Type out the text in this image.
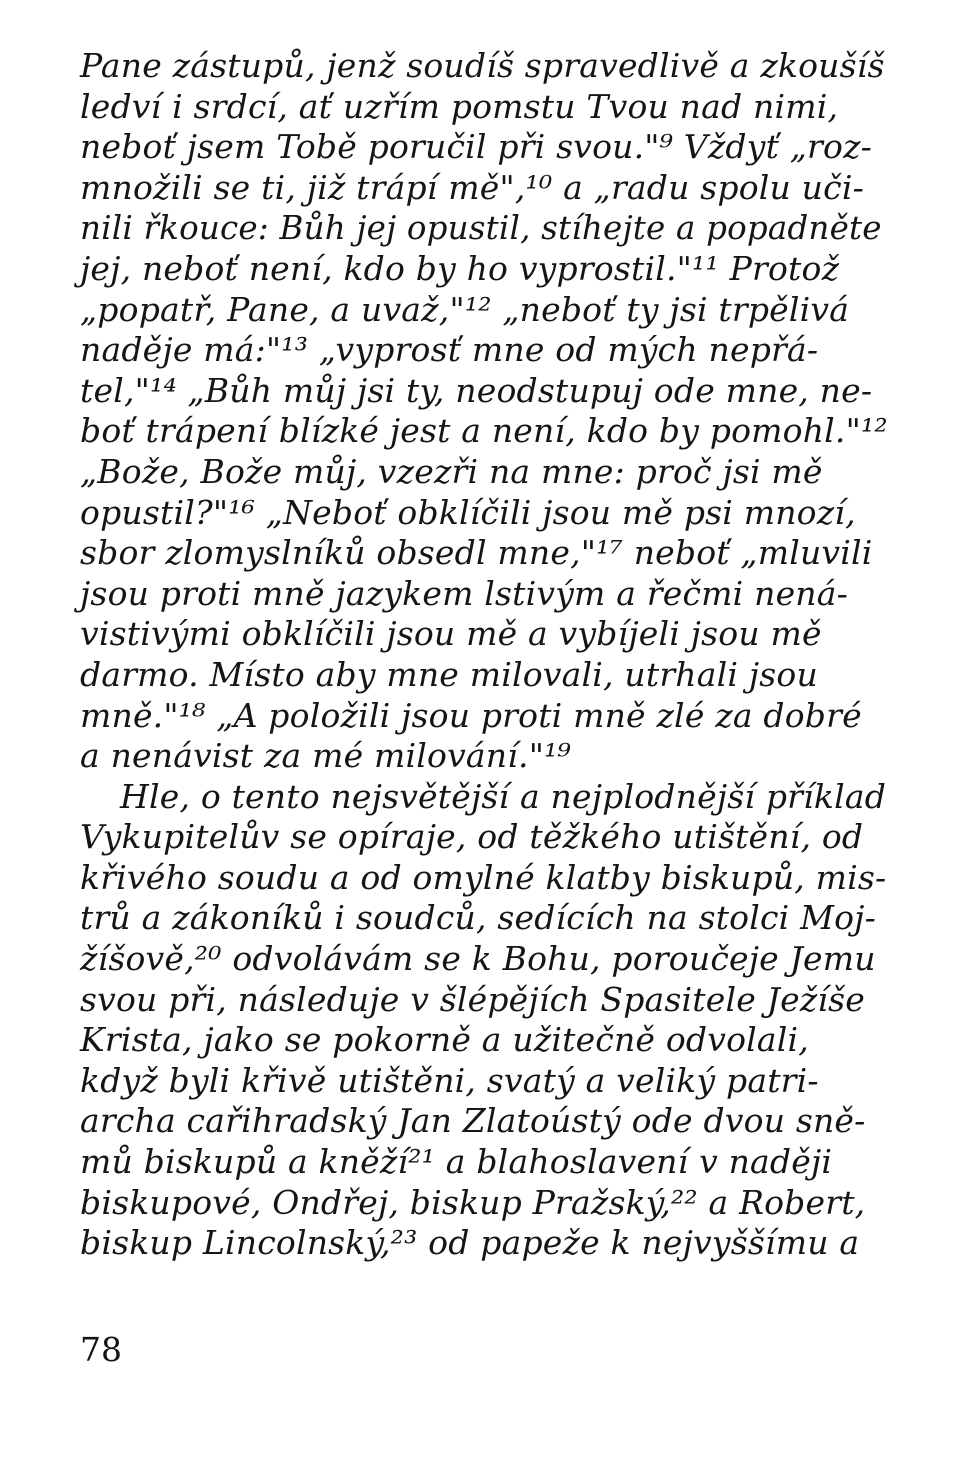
Pane zástupů, jenž soudíš spravedlivě a zkoušíš
ledví i srdcí, ať uzřím pomstu Tvou nad nimi,
neboť jsem Tobě poručil při svou."⁹ Vždyť „roz-
množili se ti, již trápí mě",¹⁰ a „radu spolu uči-
nili řkouce: Bůh jej opustil, stíhejte a popadněte
jej, neboť není, kdo by ho vyprostil."¹¹ Protož
„popatř, Pane, a uvaž,"¹² „neboť ty jsi trpělivá
naděje má:"¹³ „vyprosť mne od mých nepřá-
tel,"¹⁴ „Bůh můj jsi ty, neodstupuj ode mne, ne-
boť trápení blízké jest a není, kdo by pomohl."¹²
„Bože, Bože můj, vzezři na mne: proč jsi mě
opustil?"¹⁶ „Neboť obklíčili jsou mě psi mnozí,
sbor zlomyslníků obsedl mne,"¹⁷ neboť „mluvili
jsou proti mně jazykem lstivým a řečmi nená-
vistivými obklíčili jsou mě a vybíjeli jsou mě
darmo. Místo aby mne milovali, utrhali jsou
mně."¹⁸ „A položili jsou proti mně zlé za dobré
a nenávist za mé milování."¹⁹
Hle, o tento nejsvětější a nejplodnější příklad
Vykupitelův se opíraje, od těžkého utištění, od
křivého soudu a od omylné klatby biskupů, mis-
trů a zákoníků i soudců, sedících na stolci Moj-
žíšově,²⁰ odvolávám se k Bohu, poroučeje Jemu
svou při, následuje v šlépějích Spasitele Ježíše
Krista, jako se pokorně a užitečně odvolali,
když byli křivě utištěni, svatý a veliký patri-
archa cařihradský Jan Zlatoústý ode dvou sně-
mů biskupů a kněží²¹ a blahoslavení v naději
biskupové, Ondřej, biskup Pražský,²² a Robert,
biskup Lincolnský,²³ od papeže k nejvyššímu a
78
